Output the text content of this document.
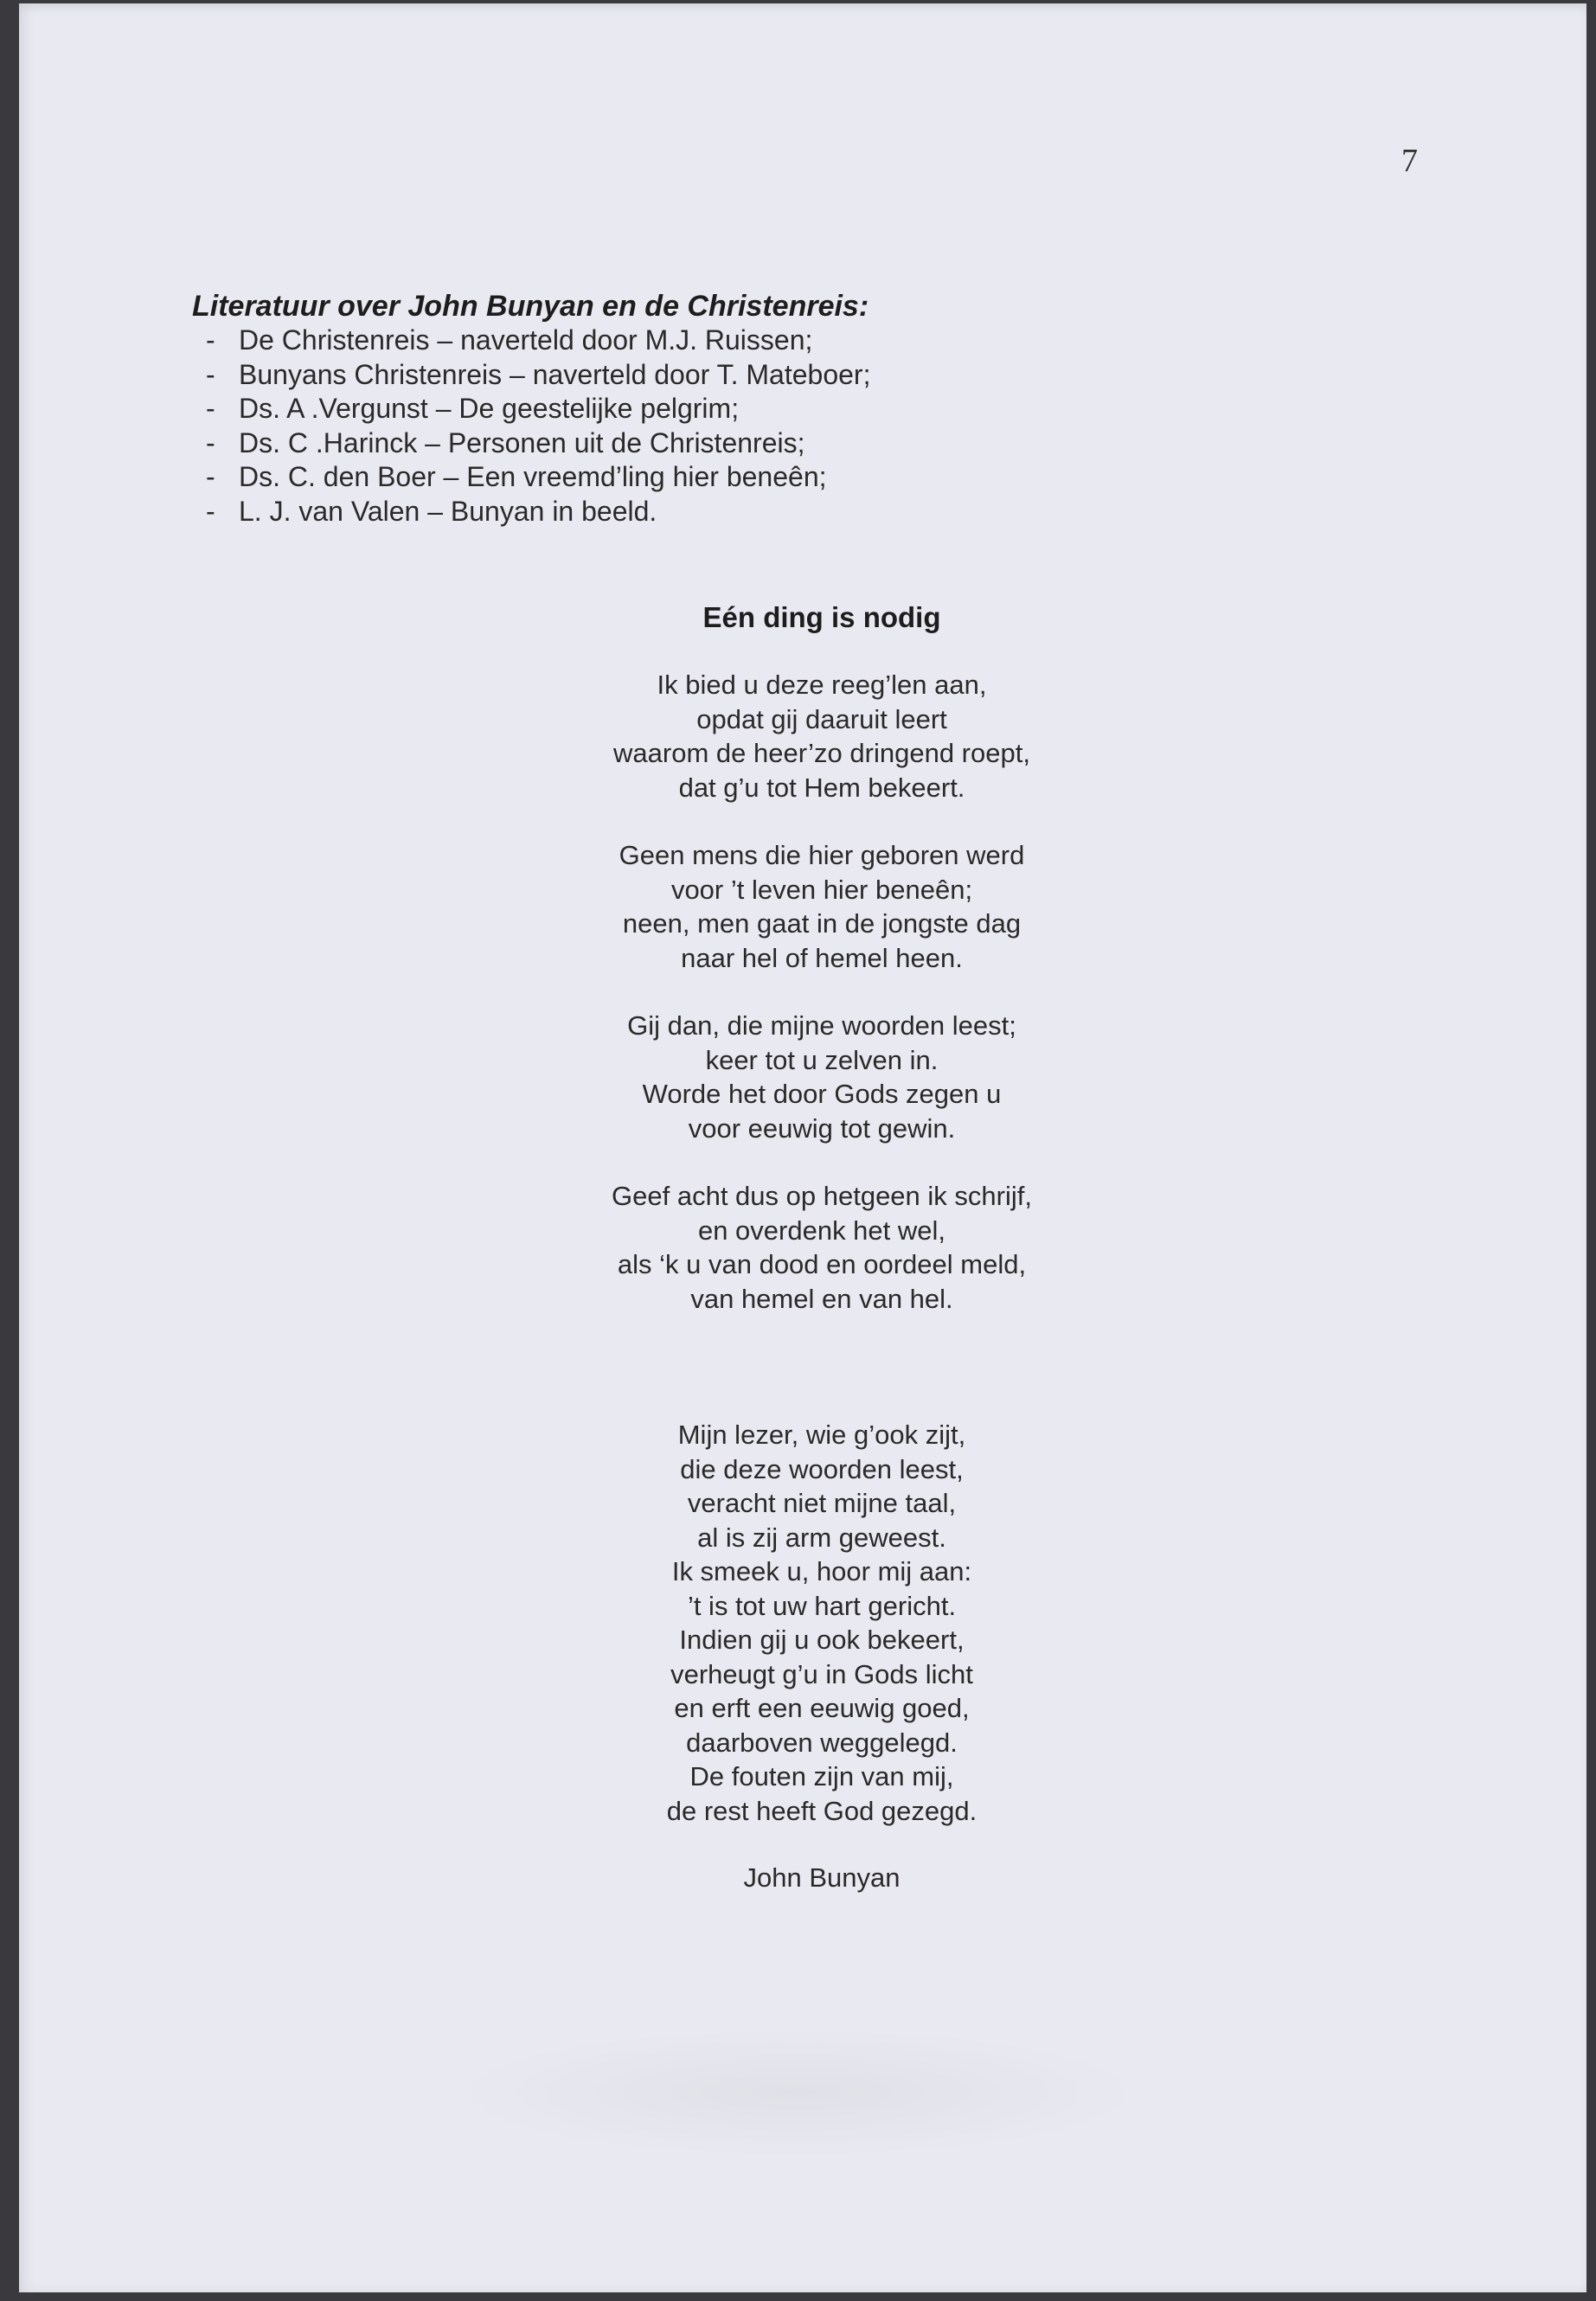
7

Literatuur over John Bunyan en de Christenreis:

- De Christenreis – naverteld door M.J. Ruissen;
- Bunyans Christenreis – naverteld door T. Mateboer;
- Ds. A .Vergunst – De geestelijke pelgrim;
- Ds. C .Harinck – Personen uit de Christenreis;
- Ds. C. den Boer – Een vreemd’ling hier beneên;
- L. J. van Valen – Bunyan in beeld.

Eén ding is nodig

Ik bied u deze reeg’len aan,
opdat gij daaruit leert
waarom de heer’zo dringend roept,
dat g’u tot Hem bekeert.

Geen mens die hier geboren werd
voor ’t leven hier beneên;
neen, men gaat in de jongste dag
naar hel of hemel heen.

Gij dan, die mijne woorden leest;
keer tot u zelven in.
Worde het door Gods zegen u
voor eeuwig tot gewin.

Geef acht dus op hetgeen ik schrijf,
en overdenk het wel,
als ‘k u van dood en oordeel meld,
van hemel en van hel.

Mijn lezer, wie g’ook zijt,
die deze woorden leest,
veracht niet mijne taal,
al is zij arm geweest.
Ik smeek u, hoor mij aan:
’t is tot uw hart gericht.
Indien gij u ook bekeert,
verheugt g’u in Gods licht
en erft een eeuwig goed,
daarboven weggelegd.
De fouten zijn van mij,
de rest heeft God gezegd.

John Bunyan
